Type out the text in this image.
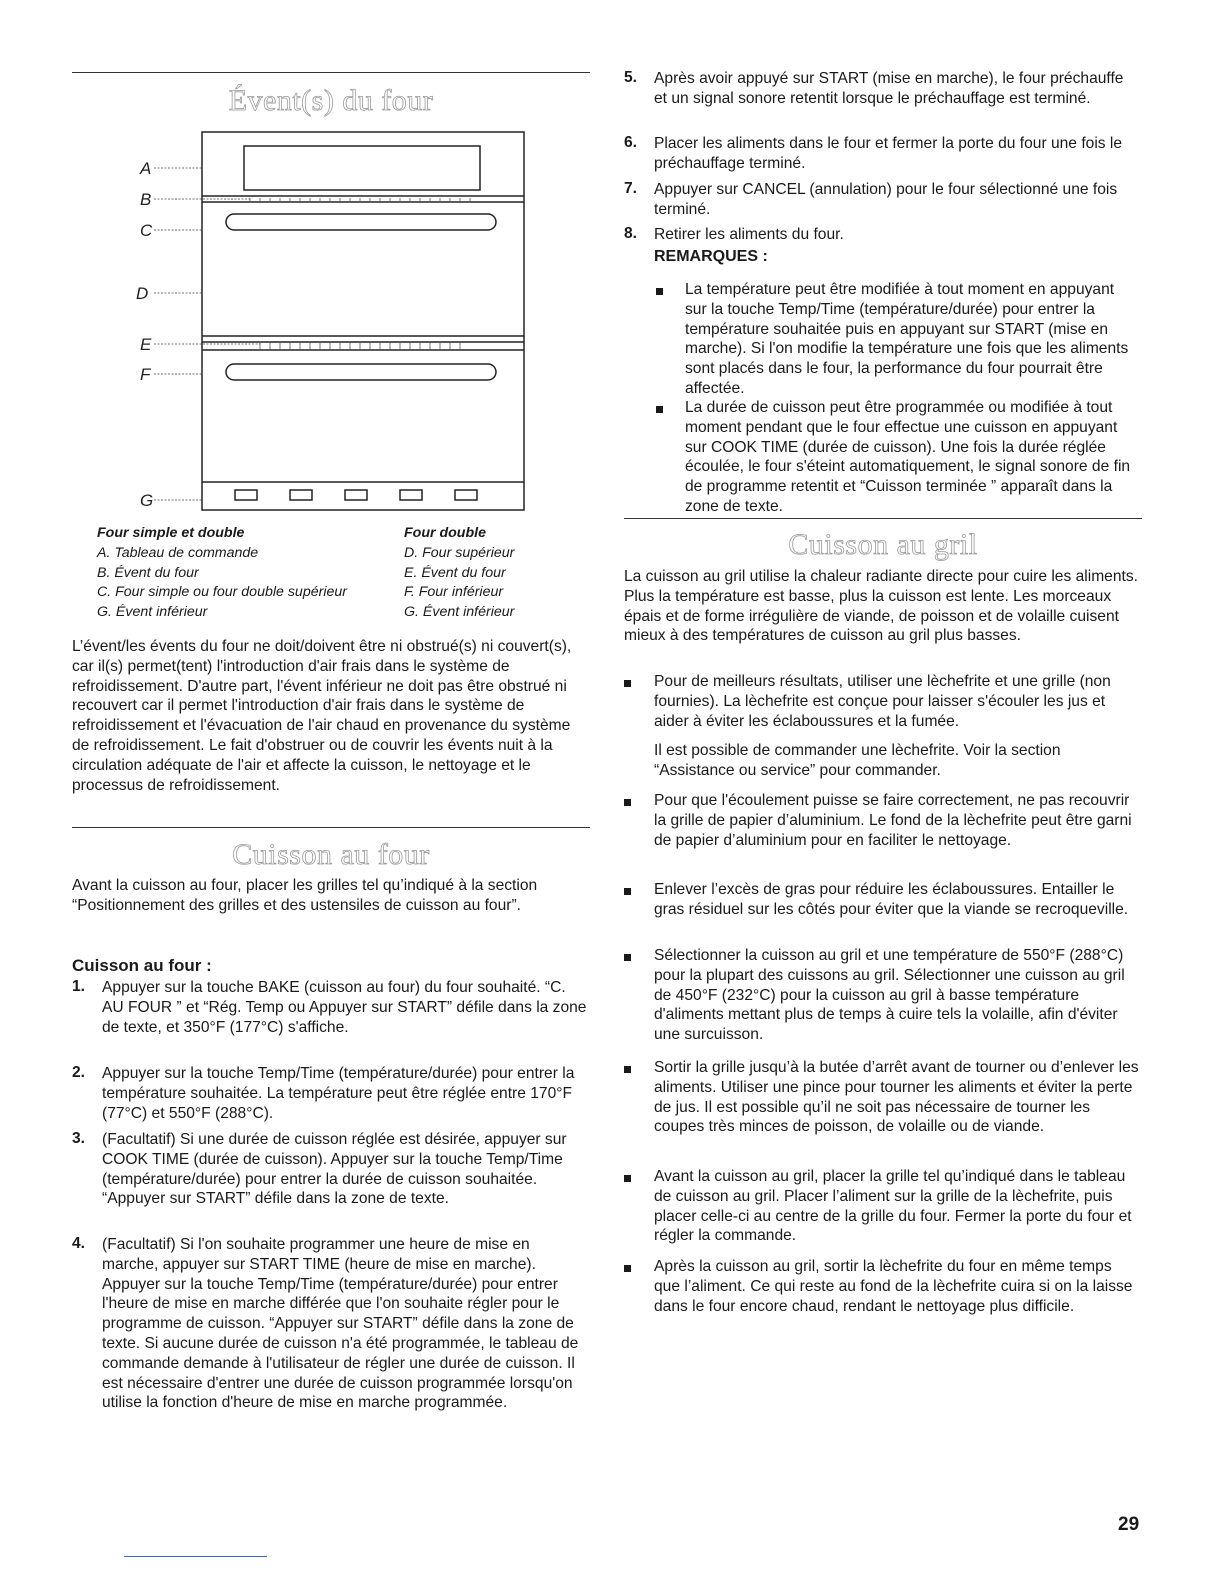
Évent(s) du four
A
B
C
D
E
F
G
Four simple et double
A. Tableau de commande
B. Évent du four
C. Four simple ou four double supérieur
G. Évent inférieur
Four double
D. Four supérieur
E. Évent du four
F. Four inférieur
G. Évent inférieur

L’évent/les évents du four ne doit/doivent être ni obstrué(s) ni couvert(s), car il(s) permet(tent) l'introduction d'air frais dans le système de refroidissement. D'autre part, l'évent inférieur ne doit pas être obstrué ni recouvert car il permet l'introduction d'air frais dans le système de refroidissement et l'évacuation de l'air chaud en provenance du système de refroidissement. Le fait d'obstruer ou de couvrir les évents nuit à la circulation adéquate de l'air et affecte la cuisson, le nettoyage et le processus de refroidissement.

Cuisson au four

Avant la cuisson au four, placer les grilles tel qu’indiqué à la section “Positionnement des grilles et des ustensiles de cuisson au four”.

Cuisson au four :
1. Appuyer sur la touche BAKE (cuisson au four) du four souhaité. “C. AU FOUR ” et “Rég. Temp ou Appuyer sur START” défile dans la zone de texte, et 350°F (177°C) s'affiche.

2. Appuyer sur la touche Temp/Time (température/durée) pour entrer la température souhaitée. La température peut être réglée entre 170°F (77°C) et 550°F (288°C).

3. (Facultatif) Si une durée de cuisson réglée est désirée, appuyer sur COOK TIME (durée de cuisson). Appuyer sur la touche Temp/Time (température/durée) pour entrer la durée de cuisson souhaitée. “Appuyer sur START” défile dans la zone de texte.

4. (Facultatif) Si l'on souhaite programmer une heure de mise en marche, appuyer sur START TIME (heure de mise en marche). Appuyer sur la touche Temp/Time (température/durée) pour entrer l'heure de mise en marche différée que l'on souhaite régler pour le programme de cuisson. “Appuyer sur START” défile dans la zone de texte. Si aucune durée de cuisson n'a été programmée, le tableau de commande demande à l'utilisateur de régler une durée de cuisson. Il est nécessaire d'entrer une durée de cuisson programmée lorsqu'on utilise la fonction d'heure de mise en marche programmée.

5. Après avoir appuyé sur START (mise en marche), le four préchauffe et un signal sonore retentit lorsque le préchauffage est terminé.

6. Placer les aliments dans le four et fermer la porte du four une fois le préchauffage terminé.

7. Appuyer sur CANCEL (annulation) pour le four sélectionné une fois terminé.

8. Retirer les aliments du four.

REMARQUES :

La température peut être modifiée à tout moment en appuyant sur la touche Temp/Time (température/durée) pour entrer la température souhaitée puis en appuyant sur START (mise en marche). Si l'on modifie la température une fois que les aliments sont placés dans le four, la performance du four pourrait être affectée.

La durée de cuisson peut être programmée ou modifiée à tout moment pendant que le four effectue une cuisson en appuyant sur COOK TIME (durée de cuisson). Une fois la durée réglée écoulée, le four s'éteint automatiquement, le signal sonore de fin de programme retentit et “Cuisson terminée ” apparaît dans la zone de texte.

Cuisson au gril

La cuisson au gril utilise la chaleur radiante directe pour cuire les aliments. Plus la température est basse, plus la cuisson est lente. Les morceaux épais et de forme irrégulière de viande, de poisson et de volaille cuisent mieux à des températures de cuisson au gril plus basses.

Pour de meilleurs résultats, utiliser une lèchefrite et une grille (non fournies). La lèchefrite est conçue pour laisser s'écouler les jus et aider à éviter les éclaboussures et la fumée.

Il est possible de commander une lèchefrite. Voir la section “Assistance ou service” pour commander.

Pour que l'écoulement puisse se faire correctement, ne pas recouvrir la grille de papier d’aluminium. Le fond de la lèchefrite peut être garni de papier d’aluminium pour en faciliter le nettoyage.

Enlever l’excès de gras pour réduire les éclaboussures. Entailler le gras résiduel sur les côtés pour éviter que la viande se recroqueville.

Sélectionner la cuisson au gril et une température de 550°F (288°C) pour la plupart des cuissons au gril. Sélectionner une cuisson au gril de 450°F (232°C) pour la cuisson au gril à basse température d'aliments mettant plus de temps à cuire tels la volaille, afin d'éviter une surcuisson.

Sortir la grille jusqu’à la butée d’arrêt avant de tourner ou d’enlever les aliments. Utiliser une pince pour tourner les aliments et éviter la perte de jus. Il est possible qu’il ne soit pas nécessaire de tourner les coupes très minces de poisson, de volaille ou de viande.

Avant la cuisson au gril, placer la grille tel qu’indiqué dans le tableau de cuisson au gril. Placer l’aliment sur la grille de la lèchefrite, puis placer celle-ci au centre de la grille du four. Fermer la porte du four et régler la commande.

Après la cuisson au gril, sortir la lèchefrite du four en même temps que l’aliment. Ce qui reste au fond de la lèchefrite cuira si on la laisse dans le four encore chaud, rendant le nettoyage plus difficile.

29
